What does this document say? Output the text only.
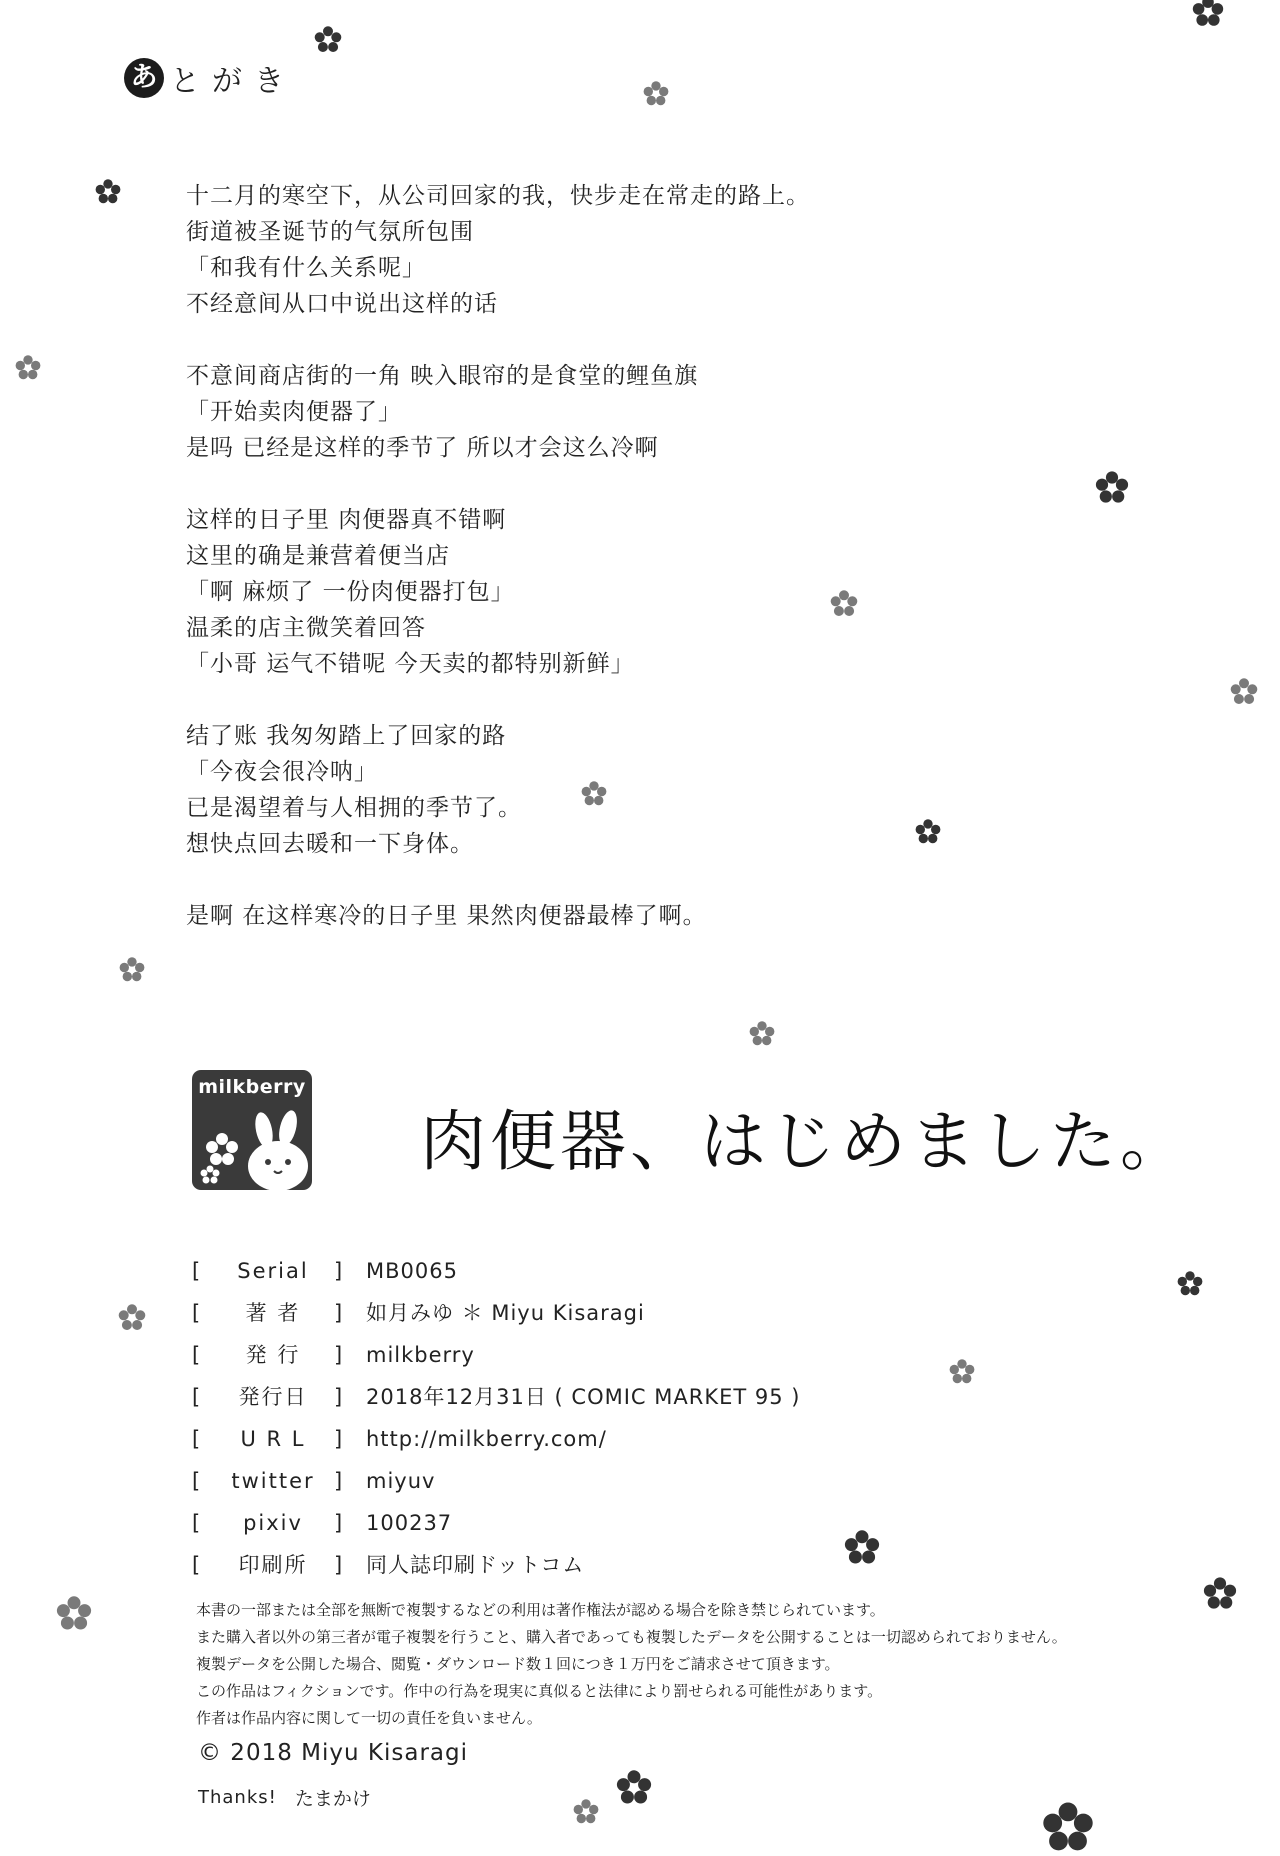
あ とがき
十二月的寒空下，从公司回家的我，快步走在常走的路上。
街道被圣诞节的气氛所包围
「和我有什么关系呢」
不经意间从口中说出这样的话
不意间商店街的一角 映入眼帘的是食堂的鲤鱼旗
「开始卖肉便器了」
是吗 已经是这样的季节了 所以才会这么冷啊
这样的日子里 肉便器真不错啊
这里的确是兼营着便当店
「啊 麻烦了 一份肉便器打包」
温柔的店主微笑着回答
「小哥 运气不错呢 今天卖的都特别新鲜」
结了账 我匆匆踏上了回家的路
「今夜会很冷呐」
已是渴望着与人相拥的季节了。
想快点回去暖和一下身体。
是啊 在这样寒冷的日子里 果然肉便器最棒了啊。
milkberry
肉便器、はじめました。
[	Serial	]	MB0065
[	著 者	]	如月みゆ ＊ Miyu Kisaragi
[	発 行	]	milkberry
[	発行日	]	2018年12月31日 ( COMIC MARKET 95 )
[	U R L	]	http://milkberry.com/
[	twitter ]	miyuv
[	pixiv	]	100237
[	印刷所	]	同人誌印刷ドットコム
本書の一部または全部を無断で複製するなどの利用は著作権法が認める場合を除き禁じられています。
また購入者以外の第三者が電子複製を行うこと、購入者であっても複製したデータを公開することは一切認められておりません。
複製データを公開した場合、閲覧・ダウンロード数１回につき１万円をご請求させて頂きます。
この作品はフィクションです。作中の行為を現実に真似ると法律により罰せられる可能性があります。
作者は作品内容に関して一切の責任を負いません。
© 2018 Miyu Kisaragi
Thanks! たまかけ
